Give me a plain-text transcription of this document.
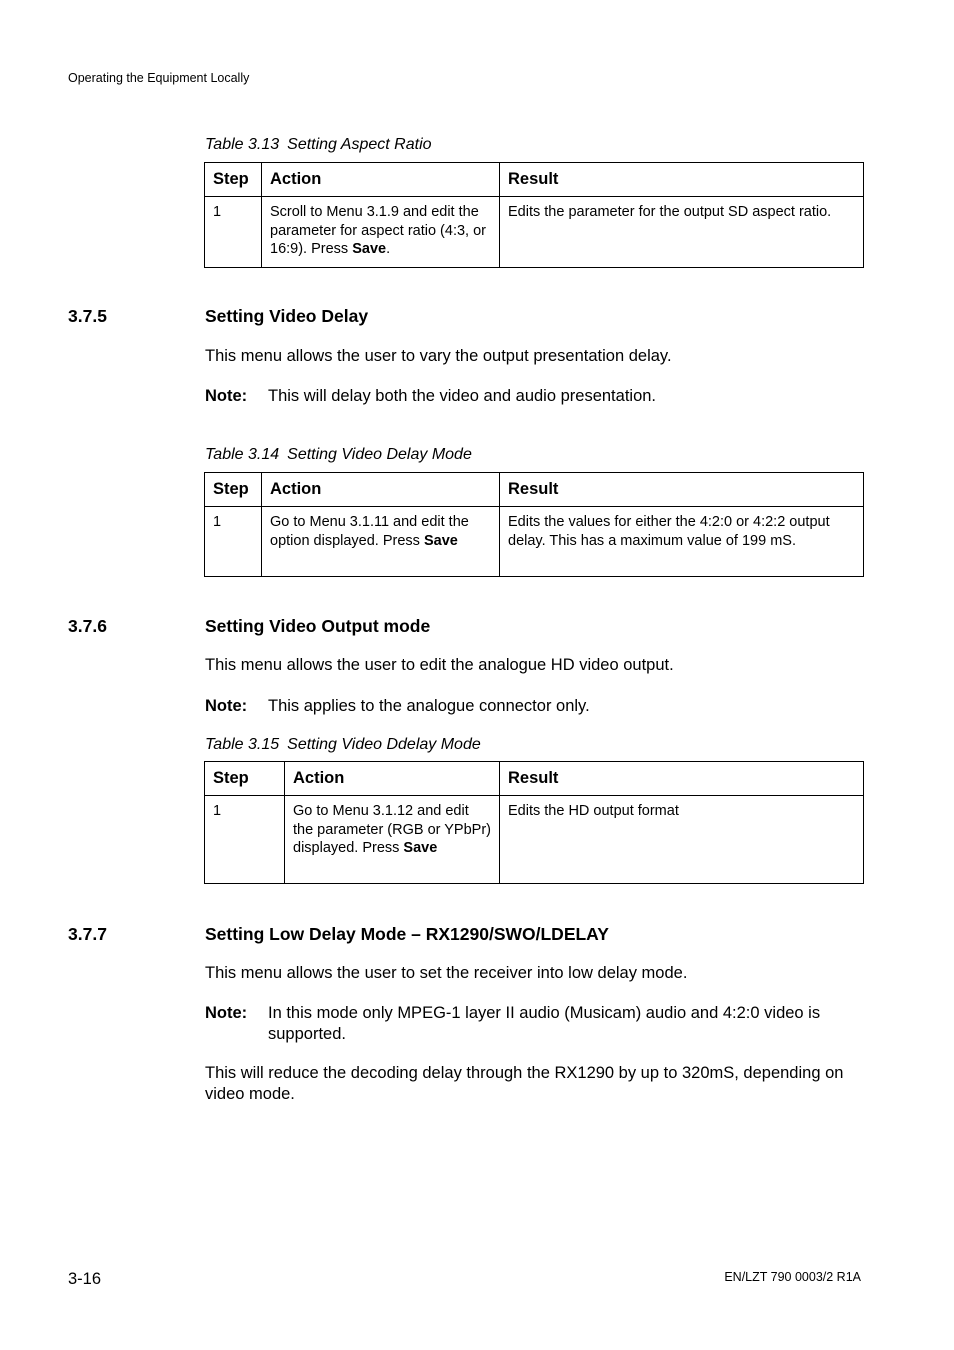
Operating the Equipment Locally
Table 3.13 Setting Aspect Ratio
Step	Action	Result
1	Scroll to Menu 3.1.9 and edit the parameter for aspect ratio (4:3, or 16:9). Press Save.	Edits the parameter for the output SD aspect ratio.
3.7.5	Setting Video Delay
This menu allows the user to vary the output presentation delay.
Note: This will delay both the video and audio presentation.
Table 3.14 Setting Video Delay Mode
Step	Action	Result
1	Go to Menu 3.1.11 and edit the option displayed. Press Save	Edits the values for either the 4:2:0 or 4:2:2 output delay. This has a maximum value of 199 mS.
3.7.6	Setting Video Output mode
This menu allows the user to edit the analogue HD video output.
Note: This applies to the analogue connector only.
Table 3.15 Setting Video Ddelay Mode
Step	Action	Result
1	Go to Menu 3.1.12 and edit the parameter (RGB or YPbPr) displayed. Press Save	Edits the HD output format
3.7.7	Setting Low Delay Mode – RX1290/SWO/LDELAY
This menu allows the user to set the receiver into low delay mode.
Note: In this mode only MPEG-1 layer II audio (Musicam) audio and 4:2:0 video is supported.
This will reduce the decoding delay through the RX1290 by up to 320mS, depending on video mode.
3-16	EN/LZT 790 0003/2 R1A
